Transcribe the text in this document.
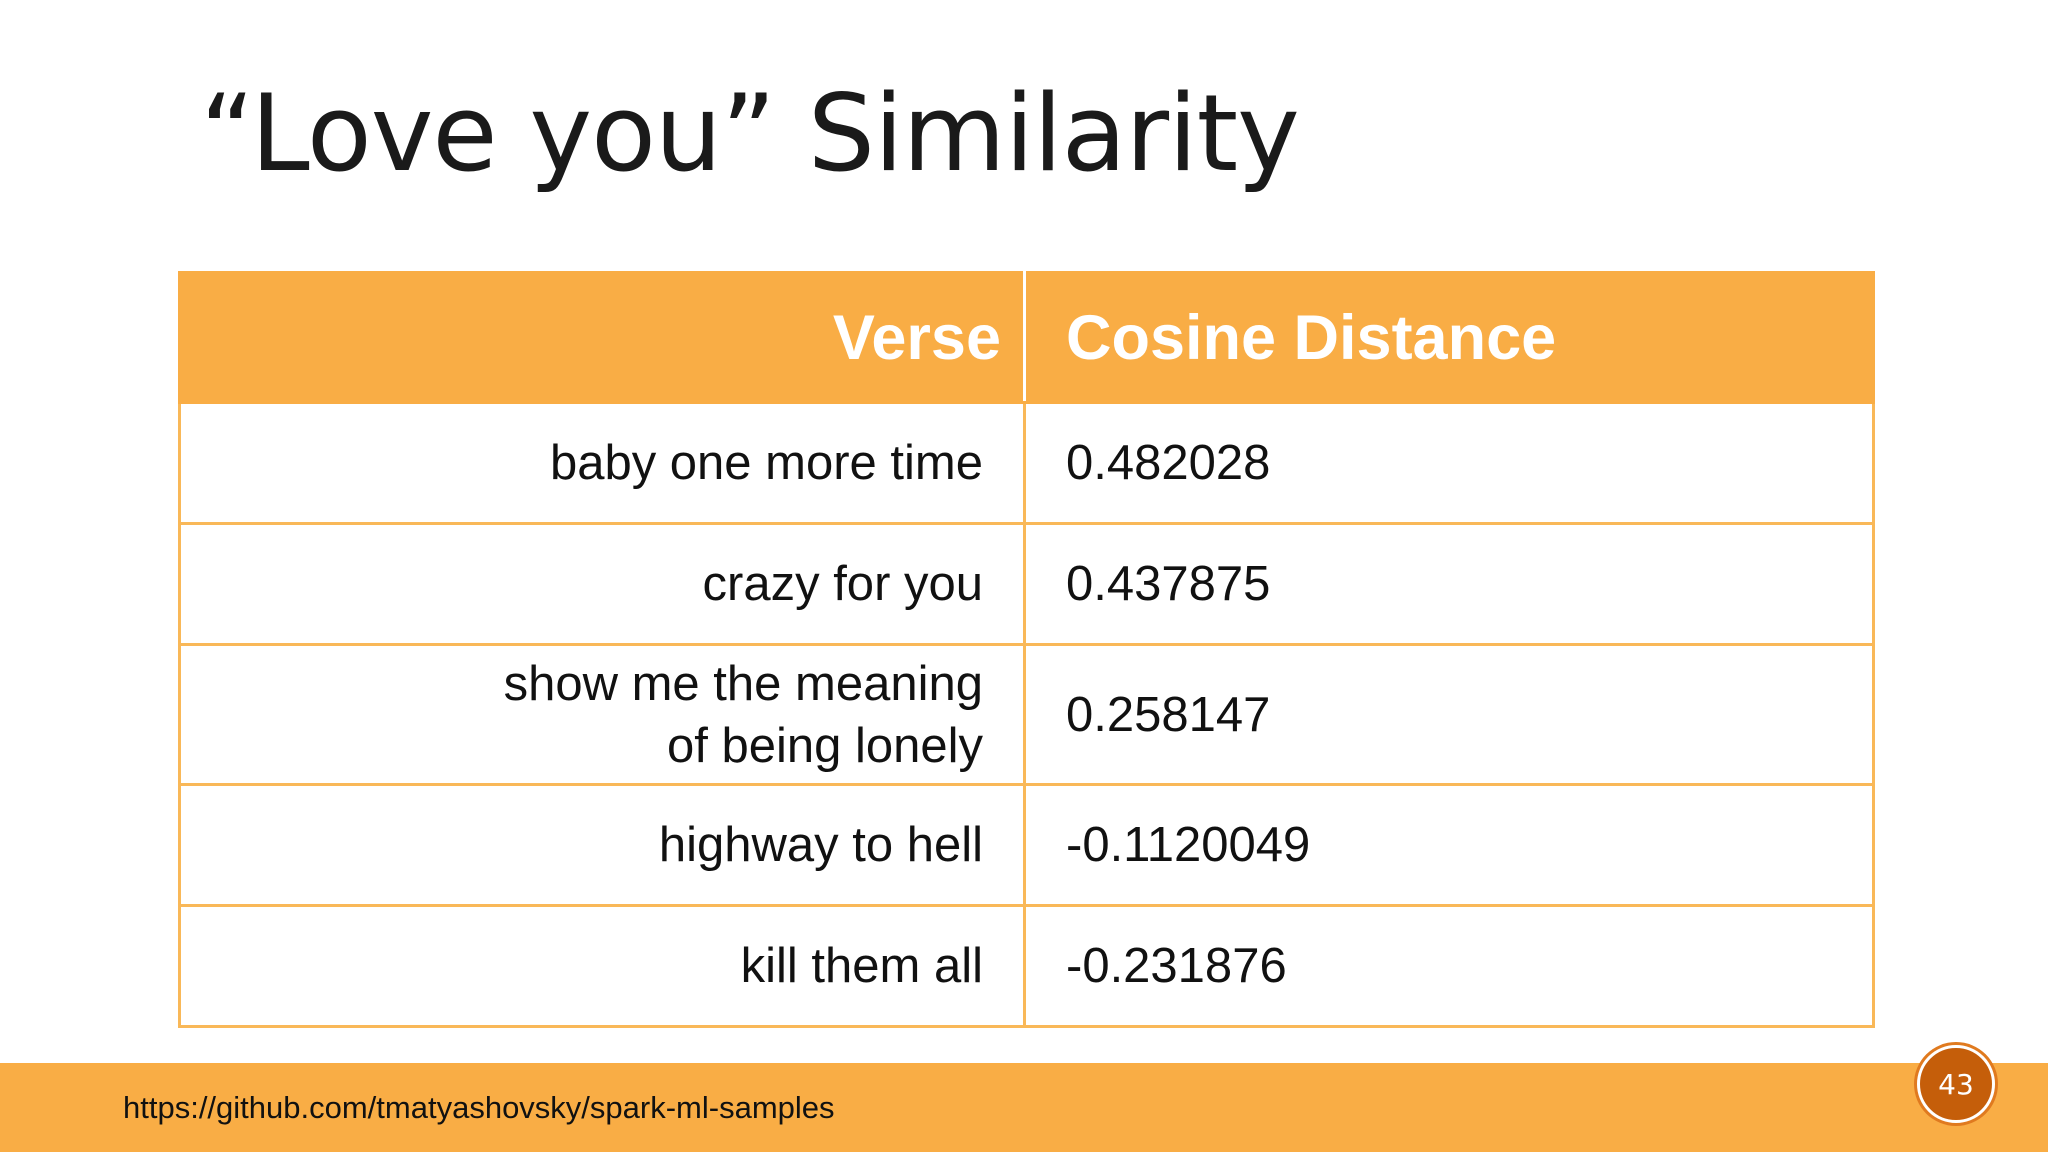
“Love you” Similarity
Verse	Cosine Distance
baby one more time	0.482028
crazy for you	0.437875
show me the meaning
of being lonely	0.258147
highway to hell	-0.1120049
kill them all	-0.231876
https://github.com/tmatyashovsky/spark-ml-samples
43
